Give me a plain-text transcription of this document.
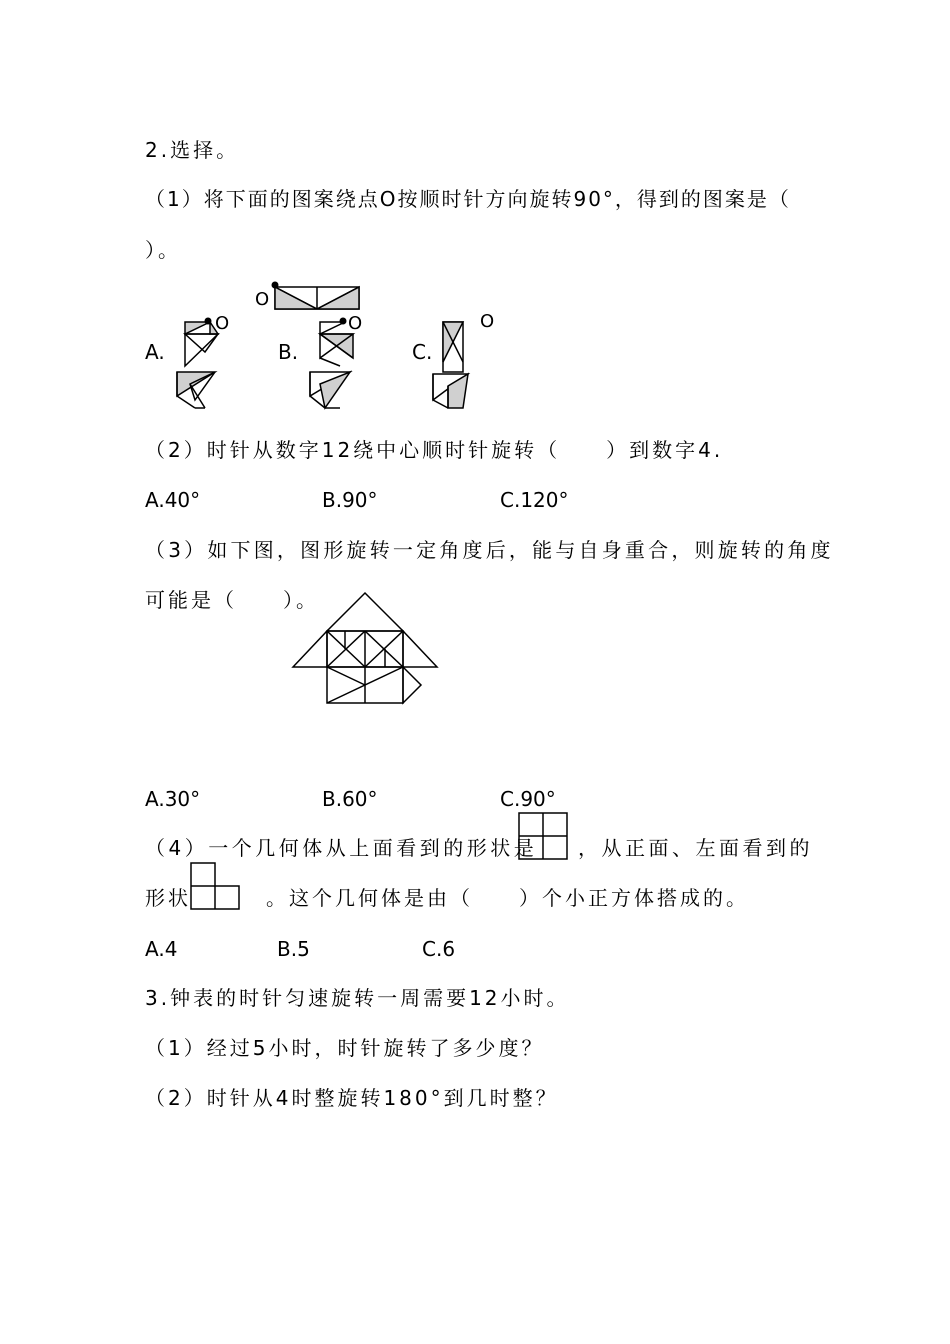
2.选择。
（1）将下面的图案绕点O按顺时针方向旋转90°，得到的图案是（
）。
O
A.
O
B.
O
C.
O
（2）时针从数字12绕中心顺时针旋转（　　）到数字4.
A.40°	B.90°	C.120°
（3）如下图，图形旋转一定角度后，能与自身重合，则旋转的角度
可能是（　　）。
A.30°	B.60°	C.90°
（4）一个几何体从上面看到的形状是 ，从正面、左面看到的
形状	。这个几何体是由（　　）个小正方体搭成的。
A.4	B.5	C.6
3.钟表的时针匀速旋转一周需要12小时。
（1）经过5小时，时针旋转了多少度？
（2）时针从4时整旋转180°到几时整？
